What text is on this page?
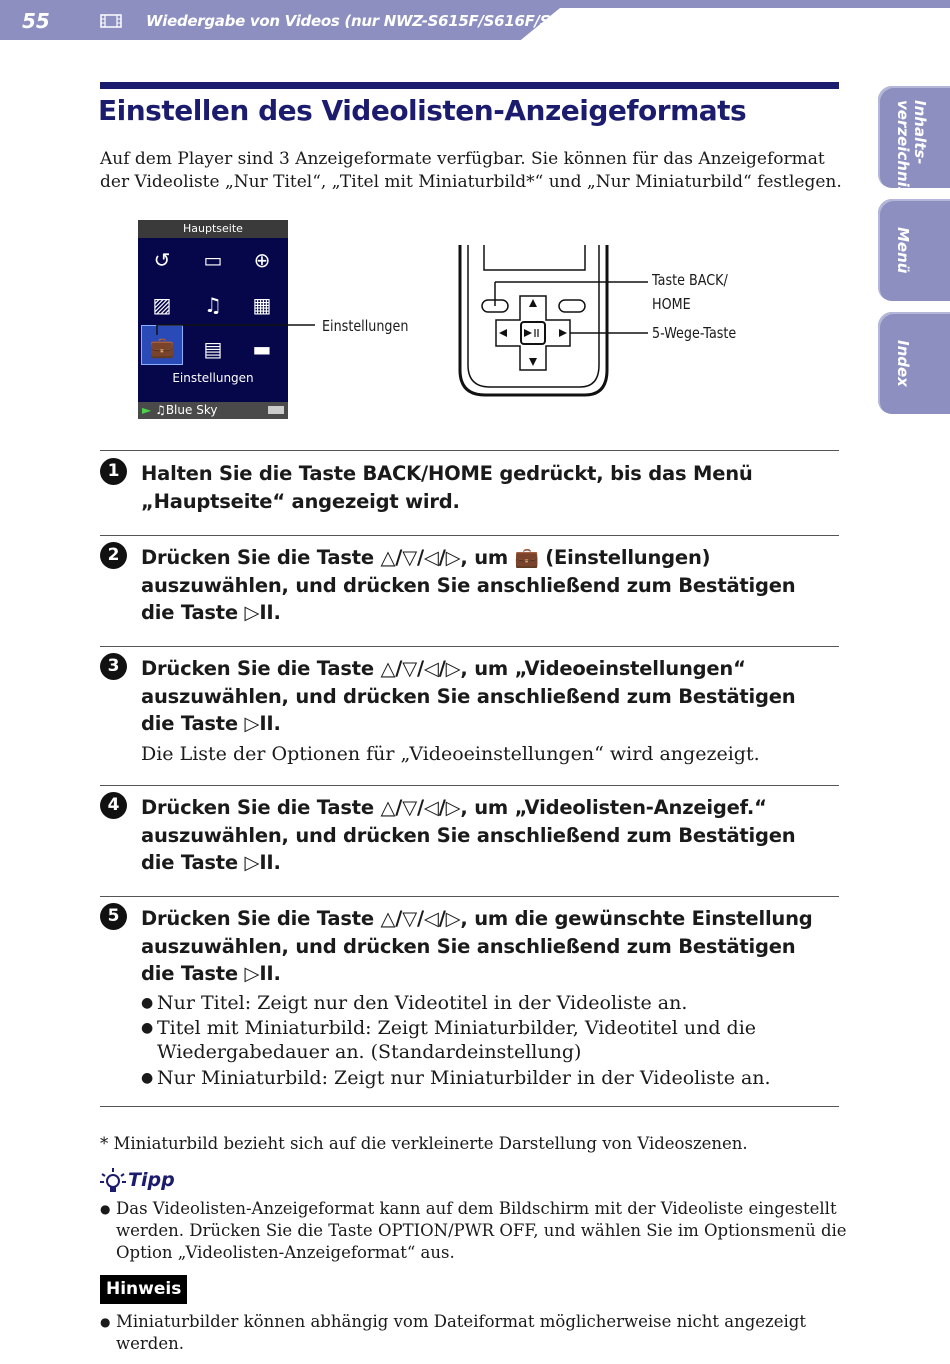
55	Wiedergabe von Videos (nur NWZ-S615F/S616F/S618F)
Inhalts-
verzeichnis
Menü
Index
Einstellen des Videolisten-Anzeigeformats

Auf dem Player sind 3 Anzeigeformate verfügbar. Sie können für das Anzeigeformat der Videoliste „Nur Titel“, „Titel mit Miniaturbild*“ und „Nur Miniaturbild“ festlegen.

Hauptseite
↺ ▭ ⊕
▨ ♫ ▦
💼 ▤ ▬
Einstellungen
► ♫Blue Sky
Einstellungen
Taste BACK/
HOME
5-Wege-Taste
1	Halten Sie die Taste BACK/HOME gedrückt, bis das Menü „Hauptseite“ angezeigt wird.

2	Drücken Sie die Taste △/▽/◁/▷, um 💼 (Einstellungen) auszuwählen, und drücken Sie anschließend zum Bestätigen die Taste ▷II.

3	Drücken Sie die Taste △/▽/◁/▷, um „Videoeinstellungen“ auszuwählen, und drücken Sie anschließend zum Bestätigen die Taste ▷II.

Die Liste der Optionen für „Videoeinstellungen“ wird angezeigt.

4	Drücken Sie die Taste △/▽/◁/▷, um „Videolisten-Anzeigef.“ auszuwählen, und drücken Sie anschließend zum Bestätigen die Taste ▷II.

5	Drücken Sie die Taste △/▽/◁/▷, um die gewünschte Einstellung auszuwählen, und drücken Sie anschließend zum Bestätigen die Taste ▷II.

● Nur Titel: Zeigt nur den Videotitel in der Videoliste an.
● Titel mit Miniaturbild: Zeigt Miniaturbilder, Videotitel und die Wiedergabedauer an. (Standardeinstellung)
● Nur Miniaturbild: Zeigt nur Miniaturbilder in der Videoliste an.

* Miniaturbild bezieht sich auf die verkleinerte Darstellung von Videoszenen.

Tipp

● Das Videolisten-Anzeigeformat kann auf dem Bildschirm mit der Videoliste eingestellt werden. Drücken Sie die Taste OPTION/PWR OFF, und wählen Sie im Optionsmenü die Option „Videolisten-Anzeigeformat“ aus.

Hinweis

● Miniaturbilder können abhängig vom Dateiformat möglicherweise nicht angezeigt werden.
